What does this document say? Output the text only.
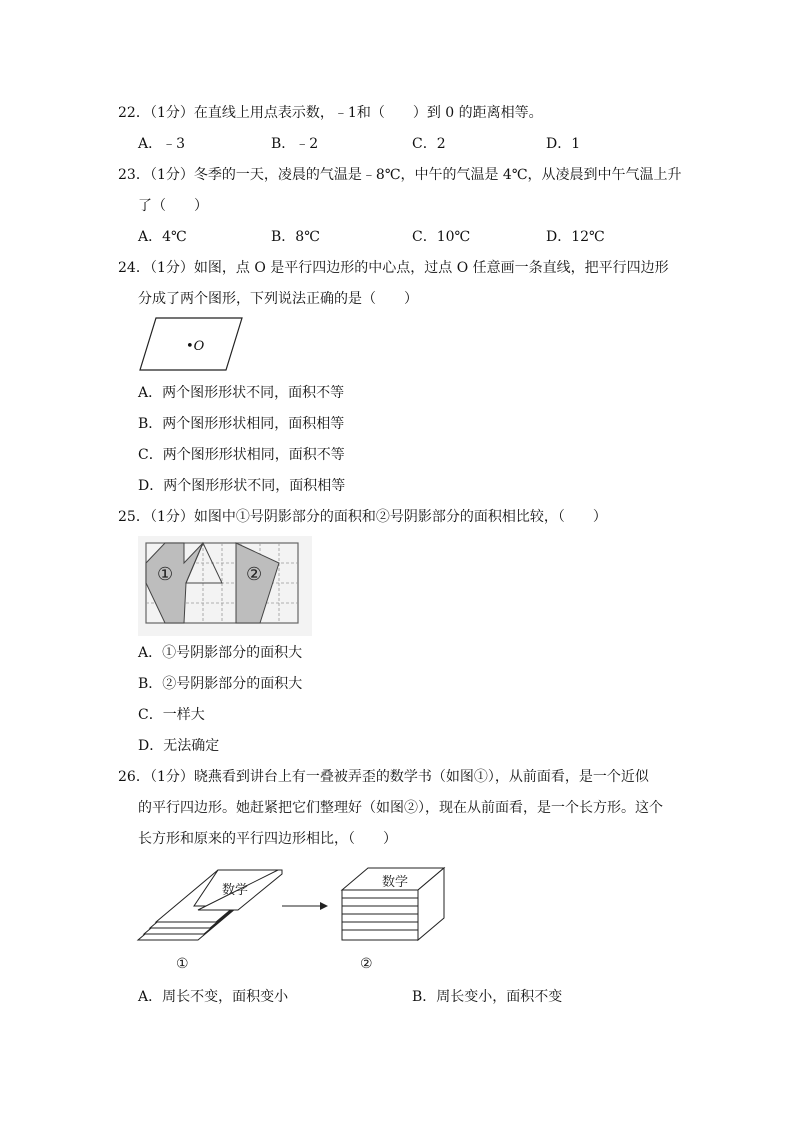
22．
（1分）在直线上用点表示数，﹣1和（　　）到 0 的距离相等。
A．﹣3	B．﹣2	C．2	D．1
23．
（1分）冬季的一天，凌晨的气温是﹣8℃，中午的气温是 4℃，从凌晨到中午气温上升
了（　　）
A．4℃	B．8℃	C．10℃	D．12℃
24．
（1分）如图，点 O 是平行四边形的中心点，过点 O 任意画一条直线，把平行四边形
分成了两个图形，下列说法正确的是（　　）
•O
A．两个图形形状不同，面积不等
B．两个图形形状相同，面积相等
C．两个图形形状相同，面积不等
D．两个图形形状不同，面积相等
25．
（1分）如图中①号阴影部分的面积和②号阴影部分的面积相比较，（　　）
①	②
A．①号阴影部分的面积大
B．②号阴影部分的面积大
C．一样大
D．无法确定
26．
（1分）晓燕看到讲台上有一叠被弄歪的数学书（如图①），从前面看，是一个近似
的平行四边形。她赶紧把它们整理好（如图②），现在从前面看，是一个长方形。这个
长方形和原来的平行四边形相比，（　　）
数学
数学
①	②
A．周长不变，面积变小	B．周长变小，面积不变
